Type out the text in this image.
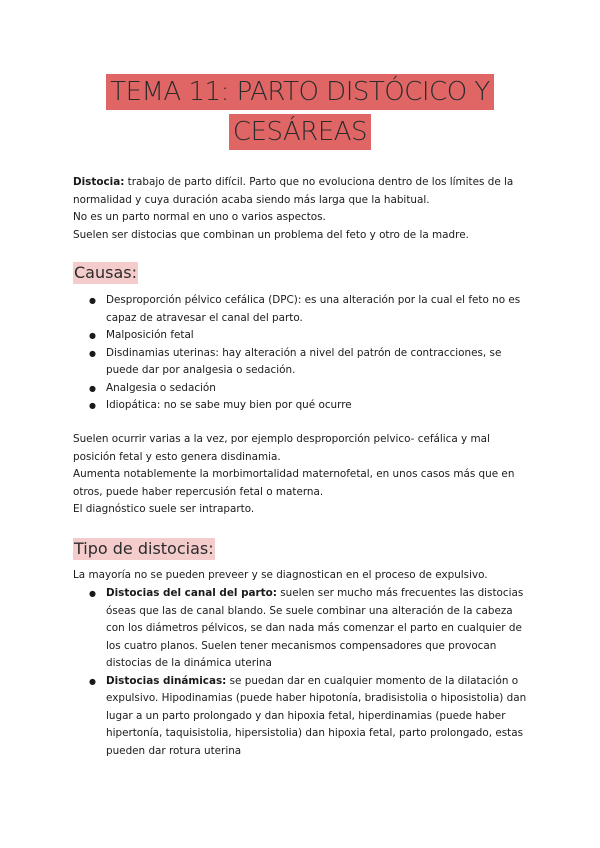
TEMA 11: PARTO DISTÓCICO Y
CESÁREAS

Distocia: trabajo de parto difícil. Parto que no evoluciona dentro de los límites de la normalidad y cuya duración acaba siendo más larga que la habitual.

No es un parto normal en uno o varios aspectos.

Suelen ser distocias que combinan un problema del feto y otro de la madre.

Causas:
● Desproporción pélvico cefálica (DPC): es una alteración por la cual el feto no es capaz de atravesar el canal del parto.
● Malposición fetal
● Disdinamias uterinas: hay alteración a nivel del patrón de contracciones, se puede dar por analgesia o sedación.
● Analgesia o sedación
● Idiopática: no se sabe muy bien por qué ocurre

Suelen ocurrir varias a la vez, por ejemplo desproporción pelvico- cefálica y mal posición fetal y esto genera disdinamia.

Aumenta notablemente la morbimortalidad maternofetal, en unos casos más que en otros, puede haber repercusión fetal o materna.

El diagnóstico suele ser intraparto.

Tipo de distocias:
La mayoría no se pueden preveer y se diagnostican en el proceso de expulsivo.
● Distocias del canal del parto: suelen ser mucho más frecuentes las distocias óseas que las de canal blando. Se suele combinar una alteración de la cabeza con los diámetros pélvicos, se dan nada más comenzar el parto en cualquier de los cuatro planos. Suelen tener mecanismos compensadores que provocan distocias de la dinámica uterina
● Distocias dinámicas: se puedan dar en cualquier momento de la dilatación o expulsivo. Hipodinamias (puede haber hipotonía, bradisistolia o hiposistolia) dan lugar a un parto prolongado y dan hipoxia fetal, hiperdinamias (puede haber hipertonía, taquisistolia, hipersistolia) dan hipoxia fetal, parto prolongado, estas pueden dar rotura uterina
